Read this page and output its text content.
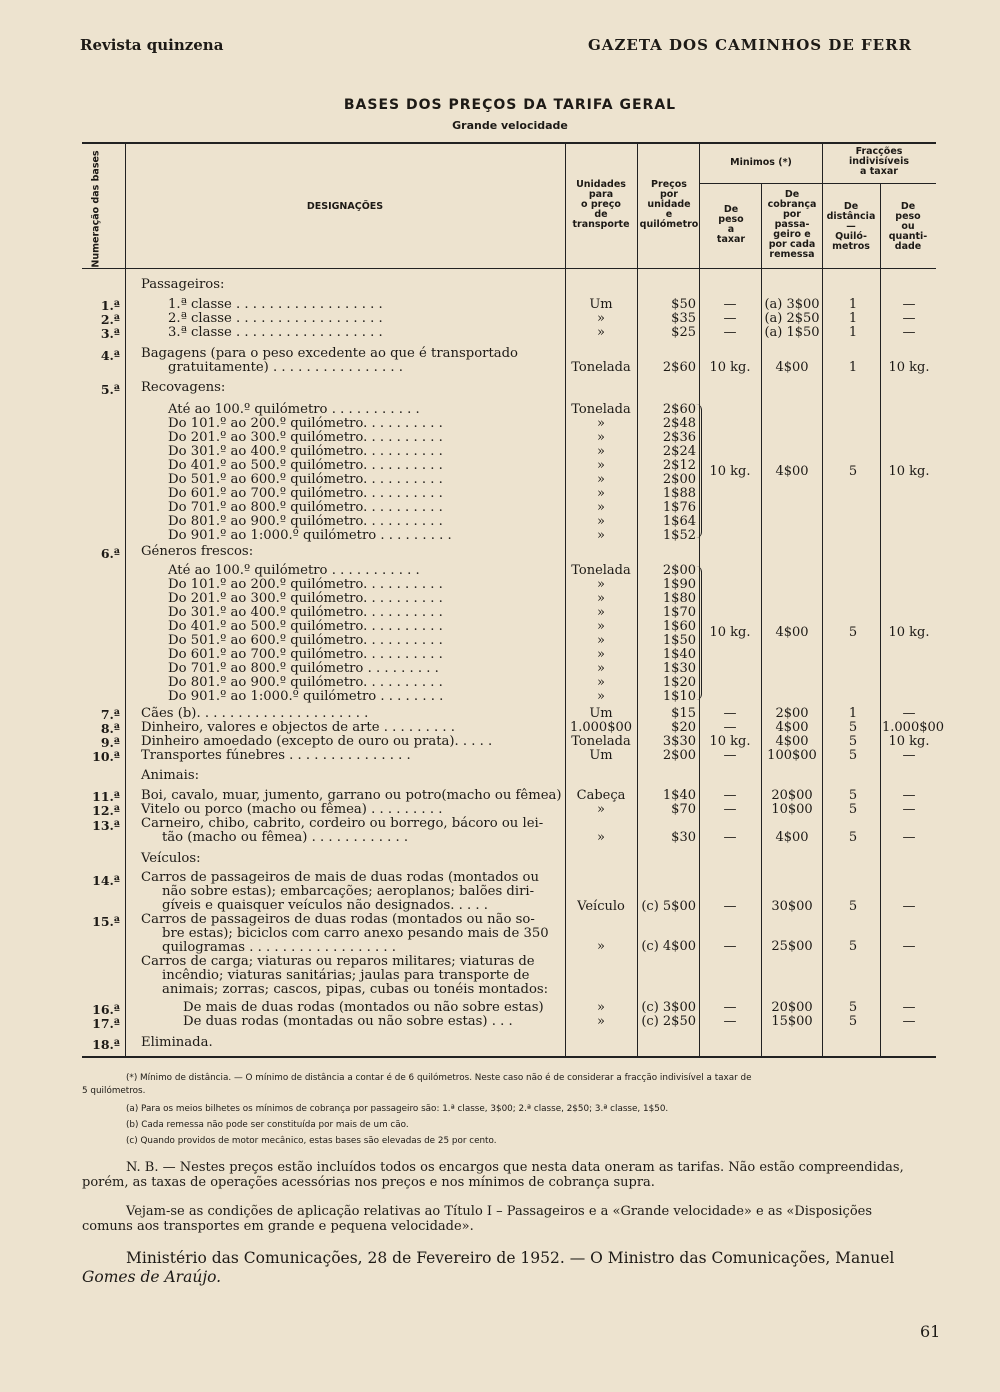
Revista quinzena	GAZETA DOS CAMINHOS DE FERR
BASES DOS PREÇOS DA TARIFA GERAL
Grande velocidade
Numeração das bases	DESIGNAÇÕES
Unidades
para
o preço
de
transporte
Preços
por
unidade
e
quilómetro
Minimos (*)
De
peso
a
taxar
De
cobrança
por
passa-
geiro e
por cada
remessa
Fracções
indivisíveis
a taxar
De
distância
—
Quiló-
metros
De
peso
ou
quanti-
dade
Passageiros:
1.ª	1.ª classe . . . . . . . . . . . . . . . . . .	Um	$50	—	(a) 3$00	1	—
2.ª	2.ª classe . . . . . . . . . . . . . . . . . .	»	$35	—	(a) 2$50	1	—
3.ª	3.ª classe . . . . . . . . . . . . . . . . . .	»	$25	—	(a) 1$50	1	—
4.ª Bagagens (para o peso excedente ao que é transportado
gratuitamente) . . . . . . . . . . . . . . . .	Tonelada	2$60	10 kg.	4$00	1	10 kg.
5.ª Recovagens:
Até ao 100.º quilómetro . . . . . . . . . . .	Tonelada	2$60
Do 101.º ao 200.º quilómetro. . . . . . . . . .	»	2$48
Do 201.º ao 300.º quilómetro. . . . . . . . . .	»	2$36
Do 301.º ao 400.º quilómetro. . . . . . . . . .	»	2$24
Do 401.º ao 500.º quilómetro. . . . . . . . . .	»	2$12
Do 501.º ao 600.º quilómetro. . . . . . . . . .	»	2$00
Do 601.º ao 700.º quilómetro. . . . . . . . . .	»	1$88
Do 701.º ao 800.º quilómetro. . . . . . . . . .	»	1$76
Do 801.º ao 900.º quilómetro. . . . . . . . . .	»	1$64
Do 901.º ao 1:000.º quilómetro . . . . . . . . .	»	1$52
10 kg.	4$00	5	10 kg.
6.ª Géneros frescos:
Até ao 100.º quilómetro . . . . . . . . . . .	Tonelada	2$00
Do 101.º ao 200.º quilómetro. . . . . . . . . .	»	1$90
Do 201.º ao 300.º quilómetro. . . . . . . . . .	»	1$80
Do 301.º ao 400.º quilómetro. . . . . . . . . .	»	1$70
Do 401.º ao 500.º quilómetro. . . . . . . . . .	»	1$60
Do 501.º ao 600.º quilómetro. . . . . . . . . .	»	1$50
Do 601.º ao 700.º quilómetro. . . . . . . . . .	»	1$40
Do 701.º ao 800.º quilómetro . . . . . . . . .	»	1$30
Do 801.º ao 900.º quilómetro. . . . . . . . . .	»	1$20
Do 901.º ao 1:000.º quilómetro . . . . . . . .	»	1$10
10 kg.	4$00	5	10 kg.
7.ª Cães (b). . . . . . . . . . . . . . . . . . . . .	Um	$15	—	2$00	1	—
8.ª Dinheiro, valores e objectos de arte . . . . . . . . .	1.000$00	$20	—	4$00	5	1.000$00
9.ª Dinheiro amoedado (excepto de ouro ou prata). . . . .	Tonelada	3$30	10 kg.	4$00	5	10 kg.
10.ª Transportes fúnebres . . . . . . . . . . . . . . .	Um	2$00	—	100$00	5	—
Animais:
11.ª Boi, cavalo, muar, jumento, garrano ou potro(macho ou fêmea)	Cabeça	1$40	—	20$00	5	—
12.ª Vitelo ou porco (macho ou fêmea) . . . . . . . . .	»	$70	—	10$00	5	—
13.ª Carneiro, chibo, cabrito, cordeiro ou borrego, bácoro ou lei-
tão (macho ou fêmea) . . . . . . . . . . . .	»	$30	—	4$00	5	—
Veículos:
14.ª Carros de passageiros de mais de duas rodas (montados ou
não sobre estas); embarcações; aeroplanos; balões diri-
gíveis e quaisquer veículos não designados. . . . .	Veículo	(c) 5$00	—	30$00	5	—
15.ª Carros de passageiros de duas rodas (montados ou não so-
bre estas); biciclos com carro anexo pesando mais de 350
quilogramas . . . . . . . . . . . . . . . . . .	»	(c) 4$00	—	25$00	5	—
Carros de carga; viaturas ou reparos militares; viaturas de
incêndio; viaturas sanitárias; jaulas para transporte de
animais; zorras; cascos, pipas, cubas ou tonéis montados:
16.ª	De mais de duas rodas (montados ou não sobre estas)	»	(c) 3$00	—	20$00	5	—
17.ª	De duas rodas (montadas ou não sobre estas) . . .	»	(c) 2$50	—	15$00	5	—
18.ª Eliminada.
(*) Mínimo de distância. — O mínimo de distância a contar é de 6 quilómetros. Neste caso não é de considerar a fracção indivisível a taxar de
5 quilómetros.
(a) Para os meios bilhetes os mínimos de cobrança por passageiro são: 1.ª classe, 3$00; 2.ª classe, 2$50; 3.ª classe, 1$50.
(b) Cada remessa não pode ser constituída por mais de um cão.
(c) Quando providos de motor mecânico, estas bases são elevadas de 25 por cento.
N. B. — Nestes preços estão incluídos todos os encargos que nesta data oneram as tarifas. Não estão compreendidas,
porém, as taxas de operações acessórias nos preços e nos mínimos de cobrança supra.
Vejam-se as condições de aplicação relativas ao Título I – Passageiros e a «Grande velocidade» e as «Disposições
comuns aos transportes em grande e pequena velocidade».
Ministério das Comunicações, 28 de Fevereiro de 1952. — O Ministro das Comunicações, Manuel
Gomes de Araújo.
61
